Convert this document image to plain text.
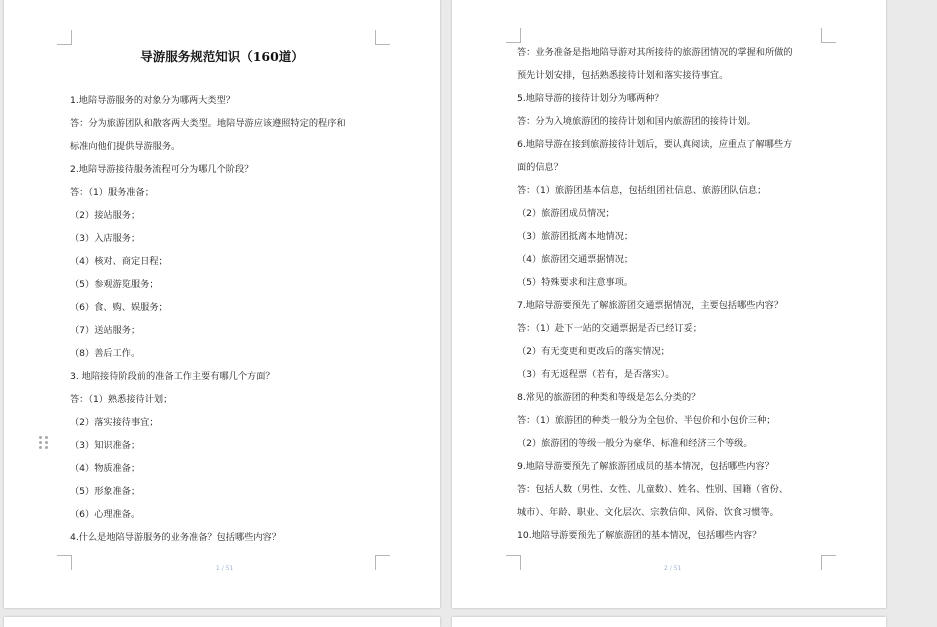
导游服务规范知识（160道）
1.地陪导游服务的对象分为哪两大类型？
答：分为旅游团队和散客两大类型。地陪导游应该遵照特定的程序和
标准向他们提供导游服务。
2.地陪导游接待服务流程可分为哪几个阶段？
答：（1）服务准备；
（2）接站服务；
（3）入店服务；
（4）核对、商定日程；
（5）参观游览服务；
（6）食、购、娱服务；
（7）送站服务；
（8）善后工作。
3. 地陪接待阶段前的准备工作主要有哪几个方面？
答：（1）熟悉接待计划；
（2）落实接待事宜；
（3）知识准备；
（4）物质准备；
（5）形象准备；
（6）心理准备。
4.什么是地陪导游服务的业务准备？包括哪些内容？
1 / 51
答：业务准备是指地陪导游对其所接待的旅游团情况的掌握和所做的
预先计划安排，包括熟悉接待计划和落实接待事宜。
5.地陪导游的接待计划分为哪两种？
答：分为入境旅游团的接待计划和国内旅游团的接待计划。
6.地陪导游在接到旅游接待计划后，要认真阅读，应重点了解哪些方
面的信息？
答：（1）旅游团基本信息，包括组团社信息、旅游团队信息；
（2）旅游团成员情况；
（3）旅游团抵离本地情况；
（4）旅游团交通票据情况；
（5）特殊要求和注意事项。
7.地陪导游要预先了解旅游团交通票据情况，主要包括哪些内容？
答：（1）赴下一站的交通票据是否已经订妥；
（2）有无变更和更改后的落实情况；
（3）有无返程票（若有，是否落实）。
8.常见的旅游团的种类和等级是怎么分类的？
答：（1）旅游团的种类一般分为全包价、半包价和小包价三种；
（2）旅游团的等级一般分为豪华、标准和经济三个等级。
9.地陪导游要预先了解旅游团成员的基本情况，包括哪些内容？
答：包括人数（男性、女性、儿童数）、姓名、性别、国籍（省份、
城市）、年龄、职业、文化层次、宗教信仰、风俗、饮食习惯等。
10.地陪导游要预先了解旅游团的基本情况，包括哪些内容？
2 / 51
